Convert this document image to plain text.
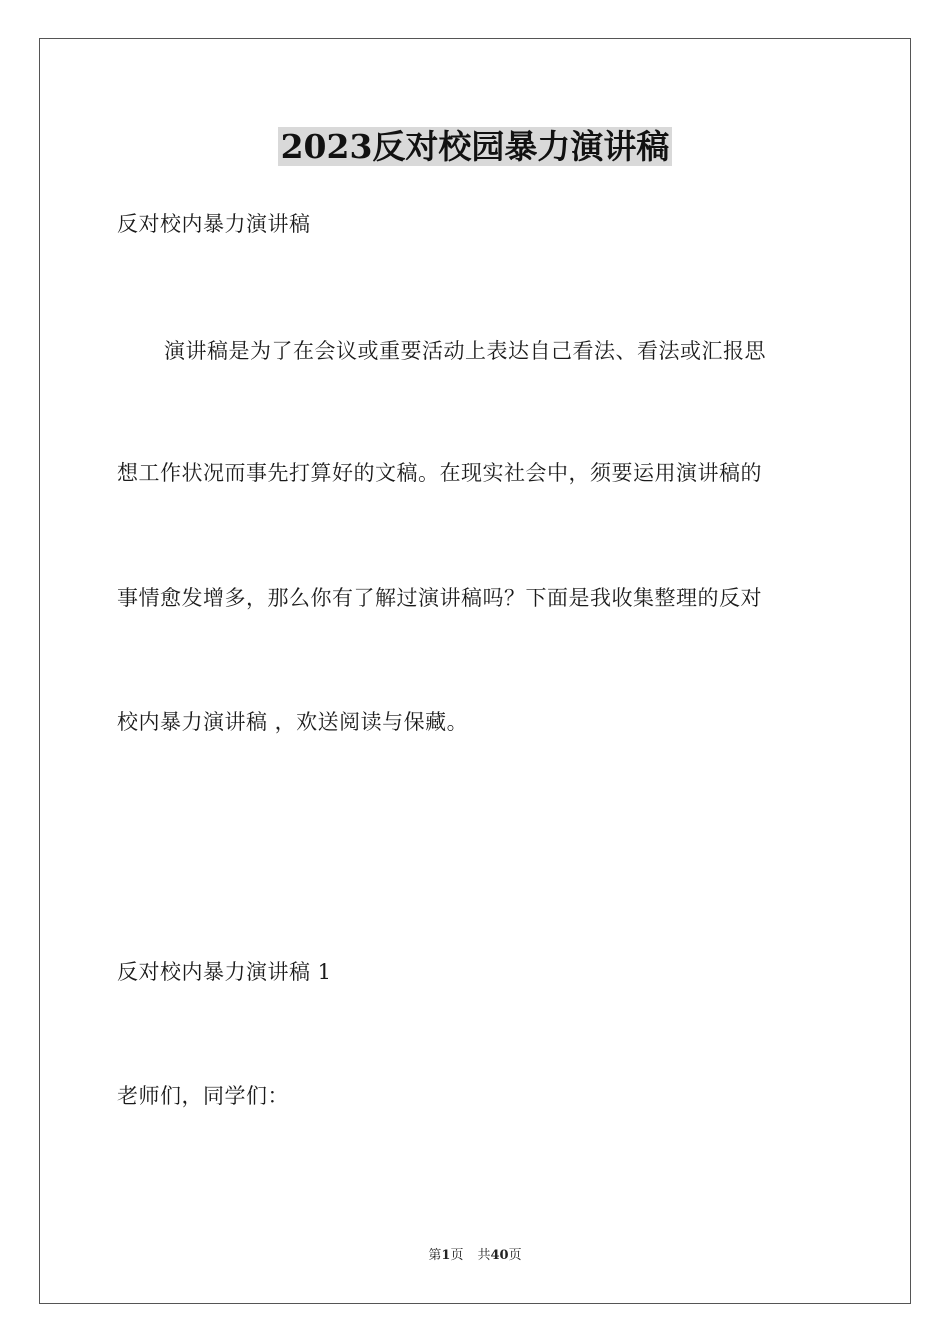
2023反对校园暴力演讲稿
反对校内暴力演讲稿
演讲稿是为了在会议或重要活动上表达自己看法、看法或汇报思
想工作状况而事先打算好的文稿。在现实社会中，须要运用演讲稿的
事情愈发增多，那么你有了解过演讲稿吗？下面是我收集整理的反对
校内暴力演讲稿 ，欢送阅读与保藏。
反对校内暴力演讲稿 1
老师们，同学们：
第1页 共40页
